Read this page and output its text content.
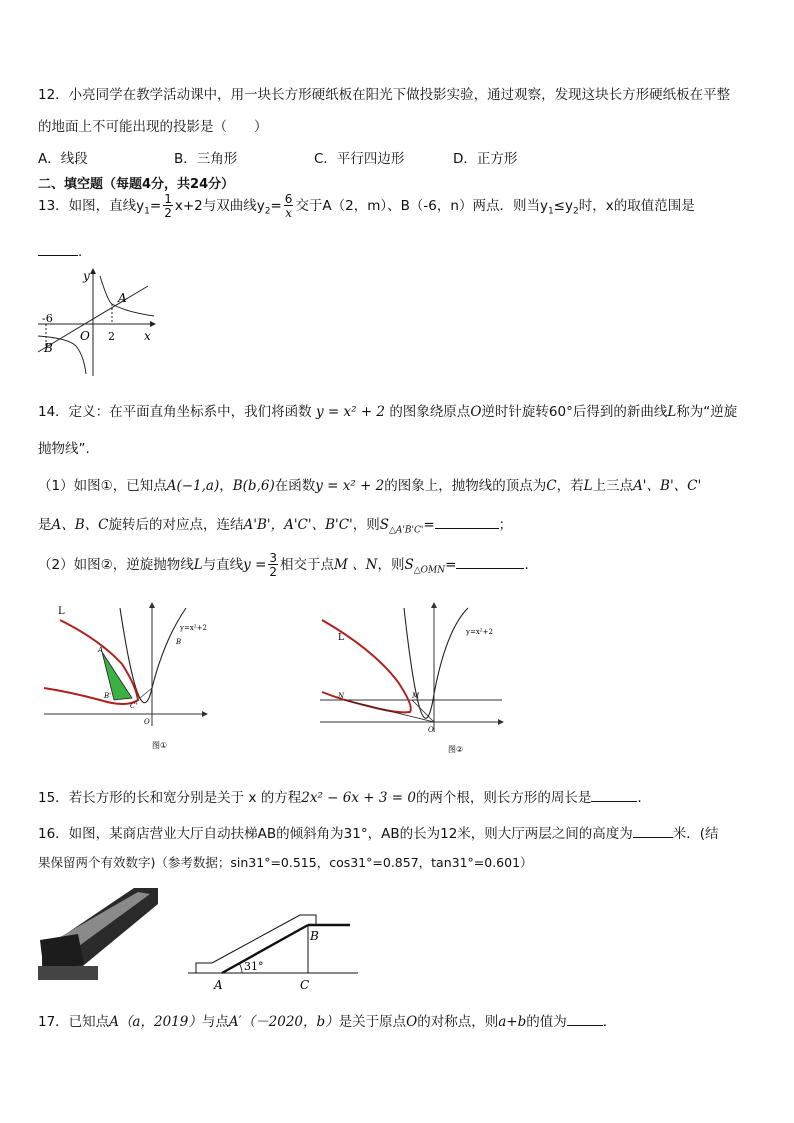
12．小亮同学在教学活动课中，用一块长方形硬纸板在阳光下做投影实验，通过观察，发现这块长方形硬纸板在平整
的地面上不可能出现的投影是（　　）
A．线段	B．三角形	C．平行四边形	D．正方形
二、填空题（每题4分，共24分）
13．如图，直线$y_1= \frac{1}{2} x+2$与双曲线$y_2= \frac{6}{x}$ 交于A（2，m）、B（-6，n）两点．则当$y_1\le y_2$时，x的取值范围是
．
y
x
A
B
O
-6
2
14．定义：在平面直角坐标系中，我们将函数 y = x² + 2 的图象绕原点O逆时针旋转60°后得到的新曲线L称为“逆旋
抛物线”.
（1）如图①，已知点A(−1,a)，B(b,6)在函数y = x² + 2的图象上，抛物线的顶点为C，若L上三点A'、B'、C'
是A、B、C旋转后的对应点，连结A'B'，A'C'、B'C'，则$S_{\triangle A'B'C'}=$	；
（2）如图②，逆旋抛物线L与直线$y = \frac{3}{2}$ 相交于点M 、N，则$S_{\triangle OMN}=$	．
L
y=x²+2
A'
B'
C'
B
O
图①
L
y=x²+2
N	M
O
图②
15．若长方形的长和宽分别是关于 x 的方程2x² − 6x + 3 = 0的两个根，则长方形的周长是	．
16．如图，某商店营业大厅自动扶梯AB的倾斜角为31°，AB的长为12米，则大厅两层之间的高度为	米．(结
果保留两个有效数字)（参考数据；sin31°=0.515，cos31°=0.857，tan31°=0.601）
31°
A
B
C
17．已知点A（a，2019）与点A′（－2020，b）是关于原点O的对称点，则a+b的值为	．
